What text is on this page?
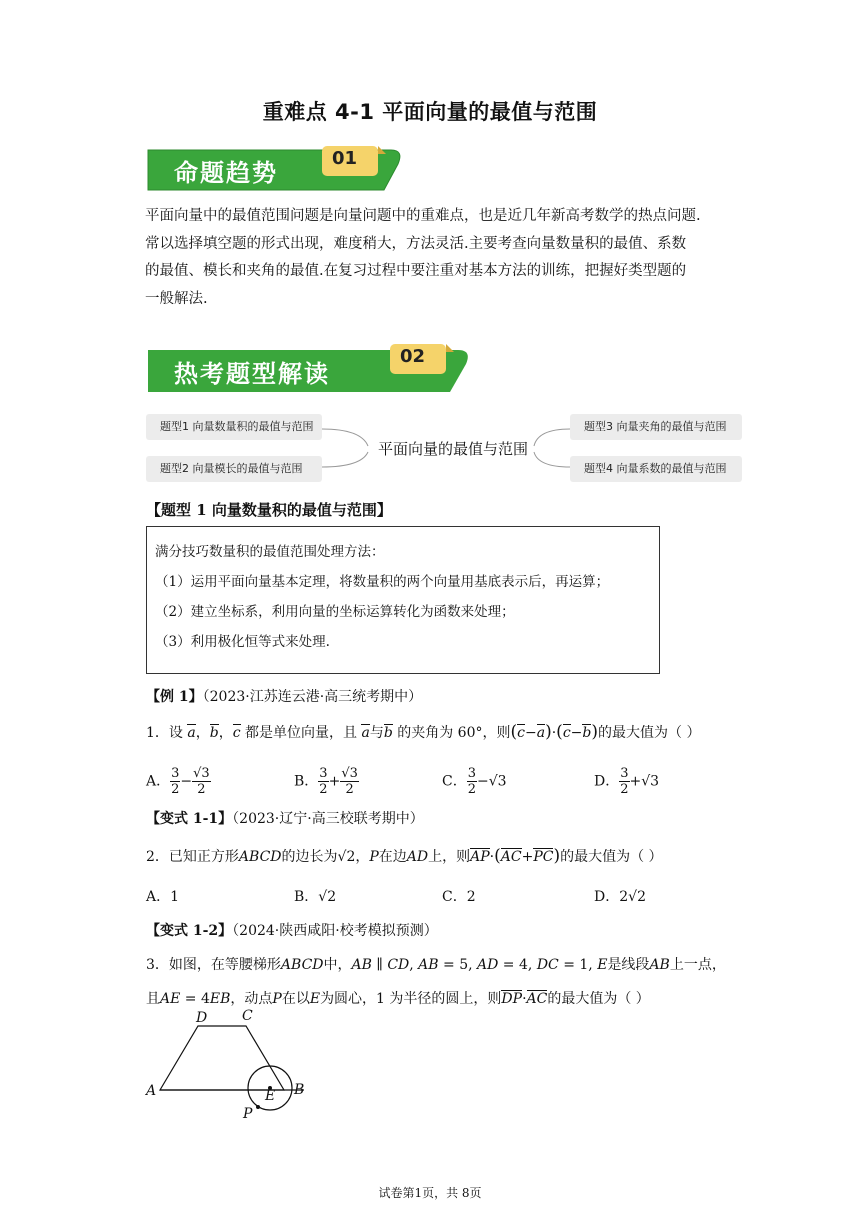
重难点 4-1 平面向量的最值与范围
命题趋势
01
平面向量中的最值范围问题是向量问题中的重难点，也是近几年新高考数学的热点问题.
常以选择填空题的形式出现，难度稍大，方法灵活.主要考查向量数量积的最值、系数
的最值、模长和夹角的最值.在复习过程中要注重对基本方法的训练，把握好类型题的
一般解法.
热考题型解读
02
题型1 向量数量积的最值与范围
题型2 向量模长的最值与范围
题型3 向量夹角的最值与范围
题型4 向量系数的最值与范围
平面向量的最值与范围
【题型 1 向量数量积的最值与范围】
满分技巧数量积的最值范围处理方法：
（1）运用平面向量基本定理，将数量积的两个向量用基底表示后，再运算；
（2）建立坐标系，利用向量的坐标运算转化为函数来处理；
（3）利用极化恒等式来处理.
【例 1】（2023·江苏连云港·高三统考期中）
1．设 a，b，c 都是单位向量，且 a与b 的夹角为 60°，则(c−a)·(c−b)的最大值为（ ）
A． $\frac{3}{2} - \frac{√3}{2}$	B． $\frac{3}{2} + \frac{√3}{2}$	C． $\frac{3}{2} -√3$	D． $\frac{3}{2} +√3$
【变式 1-1】（2023·辽宁·高三校联考期中）
2．已知正方形ABCD的边长为√2，P在边AD上，则AP·(AC+PC)的最大值为（ ）
A．1	B．√2	C．2	D．2√2
【变式 1-2】（2024·陕西咸阳·校考模拟预测）
3．如图，在等腰梯形ABCD中，AB ∥ CD, AB = 5, AD = 4, DC = 1, E是线段AB上一点，
且AE = 4EB，动点P在以E为圆心，1 为半径的圆上，则DP·AC的最大值为（ ）
D C
A	B
E
P
试卷第1页，共 8页
